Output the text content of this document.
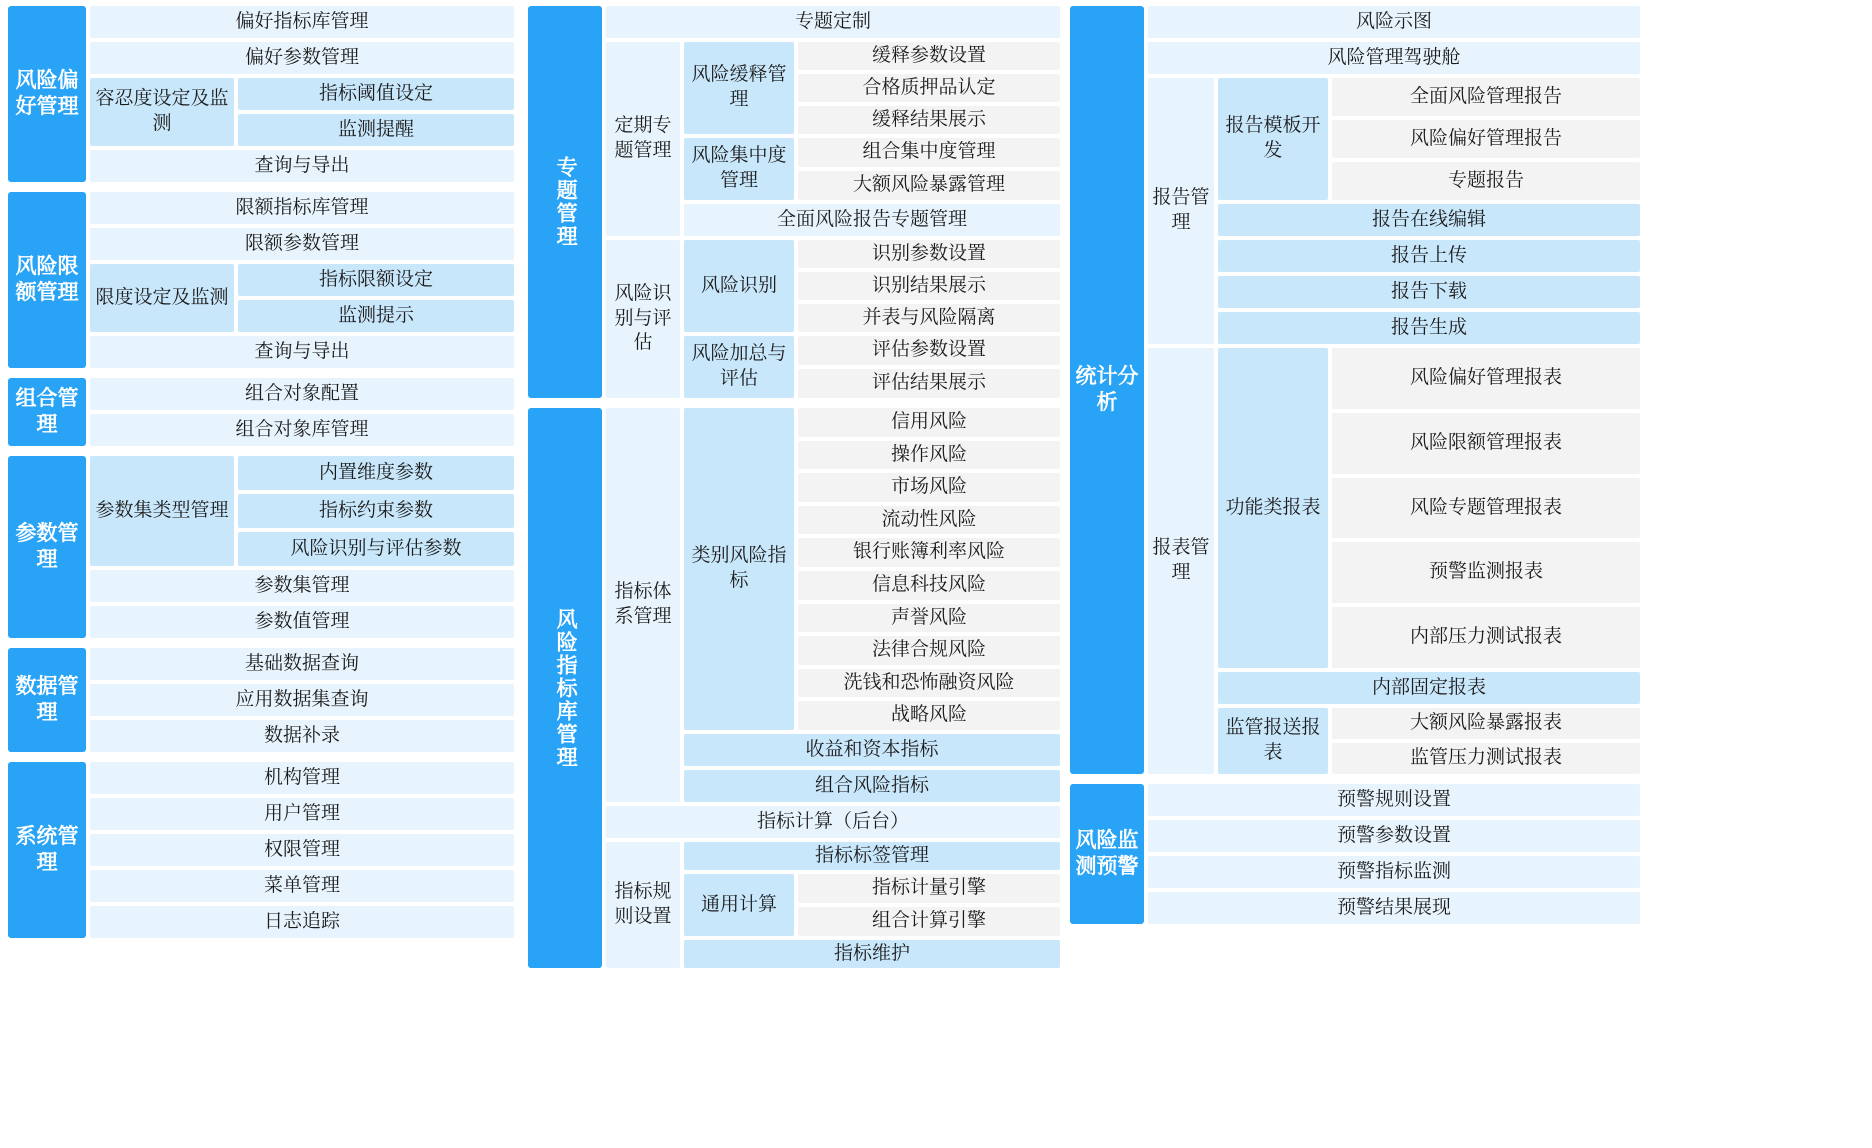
风险偏好管理
偏好指标库管理
偏好参数管理
容忍度设定及监测
指标阈值设定
监测提醒
查询与导出
风险限额管理
限额指标库管理
限额参数管理
限度设定及监测
指标限额设定
监测提示
查询与导出
组合管理
组合对象配置
组合对象库管理
参数管理
参数集类型管理
内置维度参数
指标约束参数
风险识别与评估参数
参数集管理
参数值管理
数据管理
基础数据查询
应用数据集查询
数据补录
系统管理
机构管理
用户管理
权限管理
菜单管理
日志追踪
专题管理
专题定制
定期专题管理
风险缓释管理
缓释参数设置
合格质押品认定
缓释结果展示
风险集中度管理
组合集中度管理
大额风险暴露管理
全面风险报告专题管理
风险识别与评估
风险识别
识别参数设置
识别结果展示
并表与风险隔离
风险加总与评估
评估参数设置
评估结果展示
风险指标库管理
指标体系管理
类别风险指标
信用风险
操作风险
市场风险
流动性风险
银行账簿利率风险
信息科技风险
声誉风险
法律合规风险
洗钱和恐怖融资风险
战略风险
收益和资本指标
组合风险指标
指标计算（后台）
指标规则设置
指标标签管理
通用计算
指标计量引擎
组合计算引擎
指标维护
统计分析
风险示图
风险管理驾驶舱
报告管理
报告模板开发
全面风险管理报告
风险偏好管理报告
专题报告
报告在线编辑
报告上传
报告下载
报告生成
报表管理
功能类报表
风险偏好管理报表
风险限额管理报表
风险专题管理报表
预警监测报表
内部压力测试报表
内部固定报表
监管报送报表
大额风险暴露报表
监管压力测试报表
风险监测预警
预警规则设置
预警参数设置
预警指标监测
预警结果展现
